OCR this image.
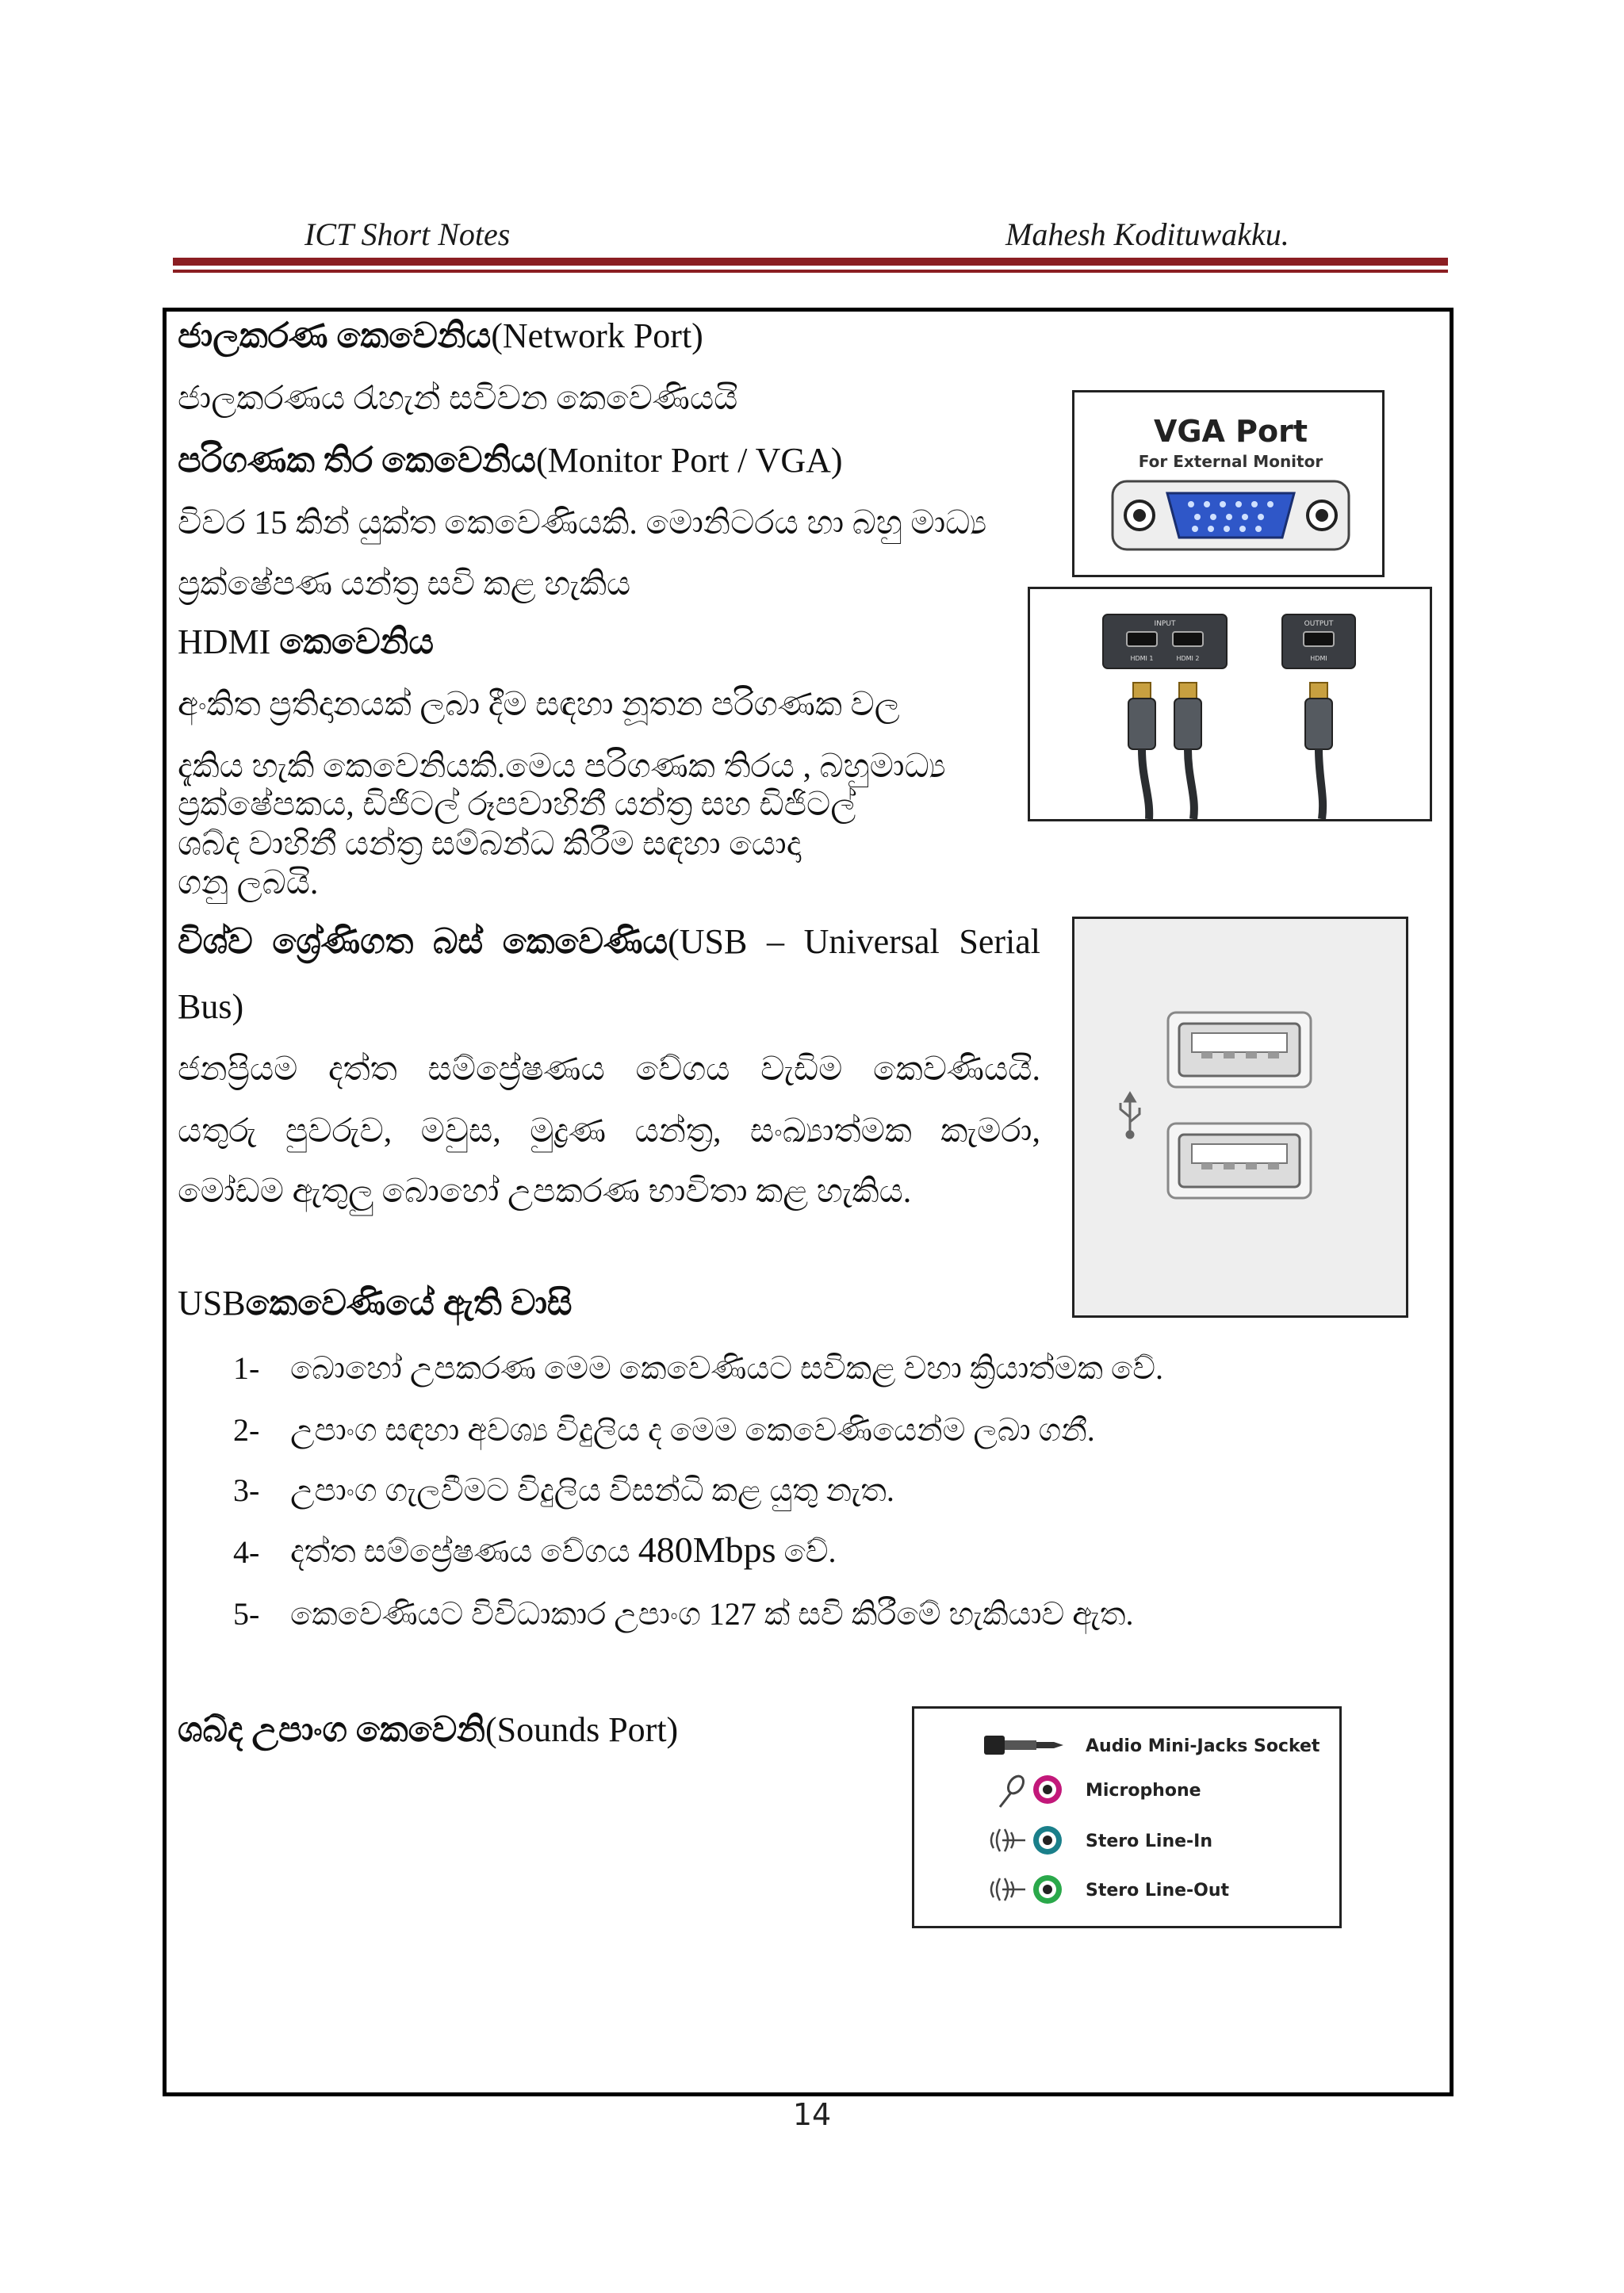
ICT Short Notes	Mahesh Kodituwakku.
ජාලකරණ කෙවෙනිය(Network Port)
ජාලකරණය රැහැන් සවිවන කෙවෙණියයි
පරිගණක තිර කෙවෙනිය(Monitor Port / VGA)
විවර 15 කින් යුක්ත කෙවෙණියකි. මොනිටරය හා බහු මාධ්‍ය
ප්‍රක්ෂේපණ යන්ත්‍ර සවි කළ හැකිය
VGA Port
For External Monitor
HDMI කෙවෙනිය
අංකිත ප්‍රතිදානයක් ලබා දීම සඳහා නූතන පරිගණක වල
දැකිය හැකි කෙවෙනියකි.මෙය පරිගණක තිරය , බහුමාධ්‍ය
ප්‍රක්ෂේපකය, ඩිජිටල් රූපවාහිනී යන්ත්‍ර සහ ඩිජිටල්
ශබ්ද වාහිනී යන්ත්‍ර සම්බන්ධ කිරීම සඳහා යොදා
ගනු ලබයි.
INPUT
HDMI 1	HDMI 2
OUTPUT
HDMI
විශ්ව ශ්‍රේණිගත බස් කෙවෙණිය(USB – Universal Serial
Bus)
ජනප්‍රියම දත්ත සම්ප්‍රේෂණය වේගය වැඩිම කෙවණියයි.
යතුරු පුවරුව, මවුස, මුද්‍රණ යන්ත්‍ර, සංඛ්‍යාත්මක කැමරා,
මෝඩම ඇතුලු බොහෝ උපකරණ භාවිතා කළ හැකිය.
USBකෙවෙණියේ ඇති වාසි
1- බොහෝ උපකරණ මෙම කෙවෙණියට සවිකළ වහා ක්‍රියාත්මක වේ.
2- උපාංග සඳහා අවශ්‍ය විදුලිය ද මෙම කෙවෙණියෙන්ම ලබා ගනී.
3- උපාංග ගැලවීමට විදුලිය විසන්ධි කළ යුතු නැත.
4- දත්ත සම්ප්‍රේෂණය වේගය 480Mbps වේ.
5- කෙවෙණියට විවිධාකාර උපාංග 127 ක් සවි කිරීමේ හැකියාව ඇත.
ශබ්ද උපාංග කෙවෙනි(Sounds Port)	Audio Mini-Jacks Socket
Microphone
Stero Line-In
Stero Line-Out
14
